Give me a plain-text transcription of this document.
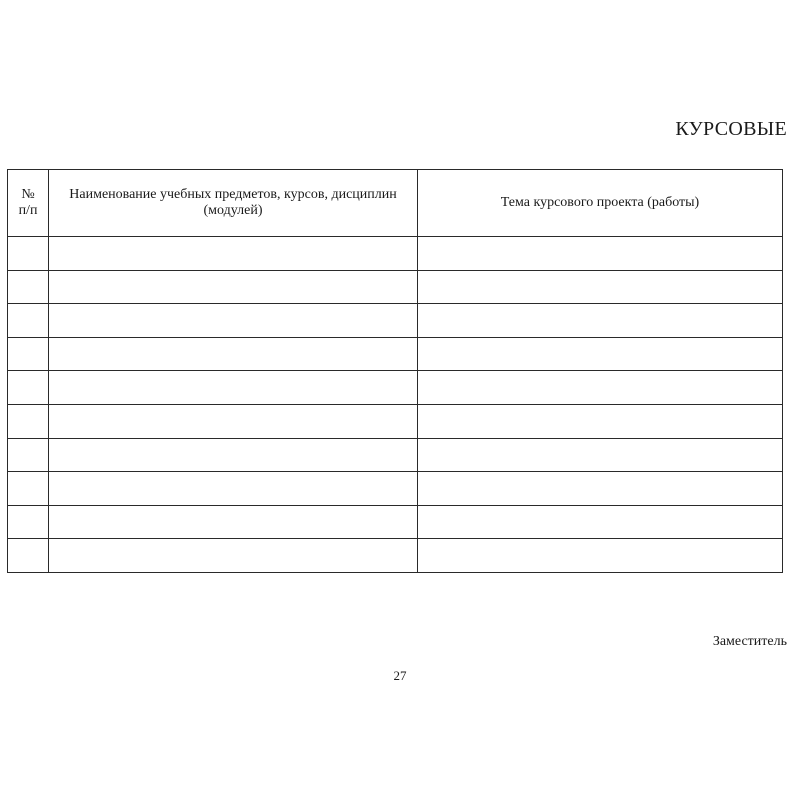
КУРСОВЫЕ
№
п/п	Наименование учебных предметов, курсов, дисциплин (модулей)	Тема курсового проекта (работы)

Заместитель
27
